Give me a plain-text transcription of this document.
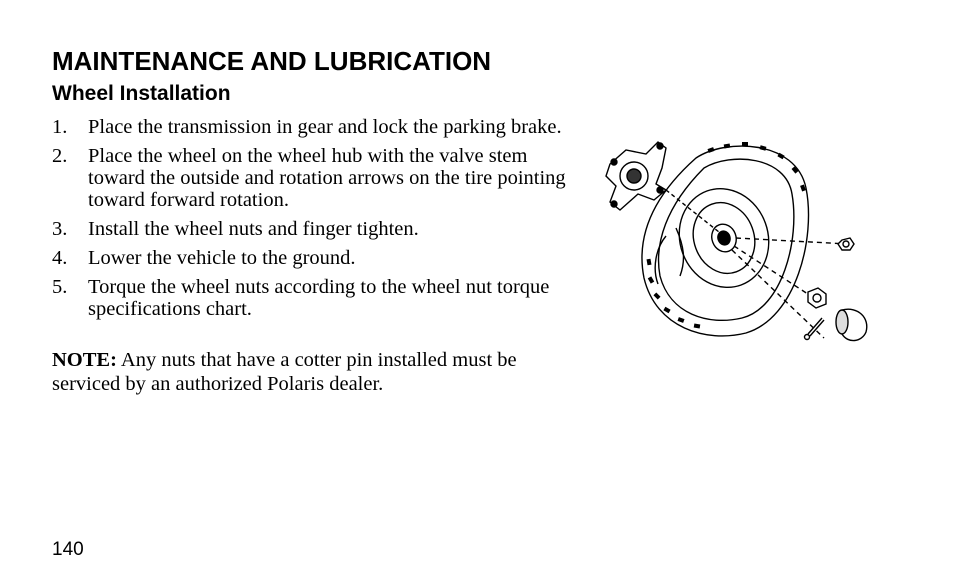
MAINTENANCE AND LUBRICATION
Wheel Installation
1. Place the transmission in gear and lock the parking brake.
2. Place the wheel on the wheel hub with the valve stem toward the outside and rotation arrows on the tire pointing toward forward rotation.
3. Install the wheel nuts and finger tighten.
4. Lower the vehicle to the ground.
5. Torque the wheel nuts according to the wheel nut torque specifications chart.

NOTE: Any nuts that have a cotter pin installed must be serviced by an authorized Polaris dealer.

140
